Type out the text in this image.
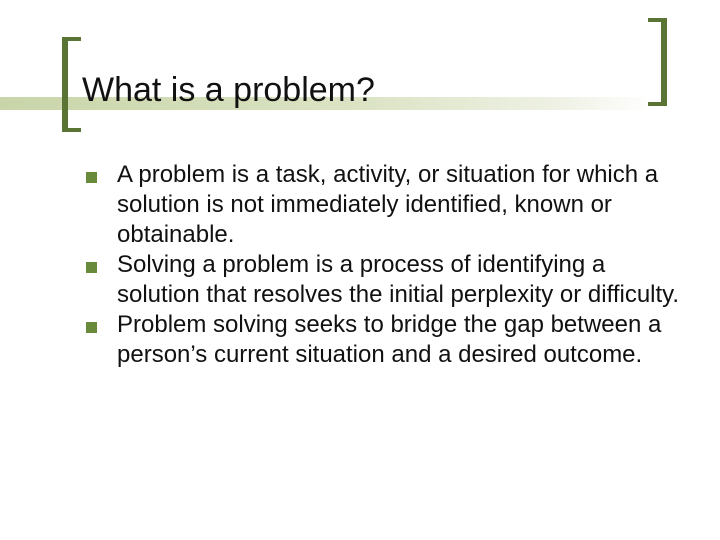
What is a problem?
A problem is a task, activity, or situation for which a solution is not immediately identified, known or obtainable.
Solving a problem is a process of identifying a solution that resolves the initial perplexity or difficulty.
Problem solving seeks to bridge the gap between a person’s current situation and a desired outcome.
